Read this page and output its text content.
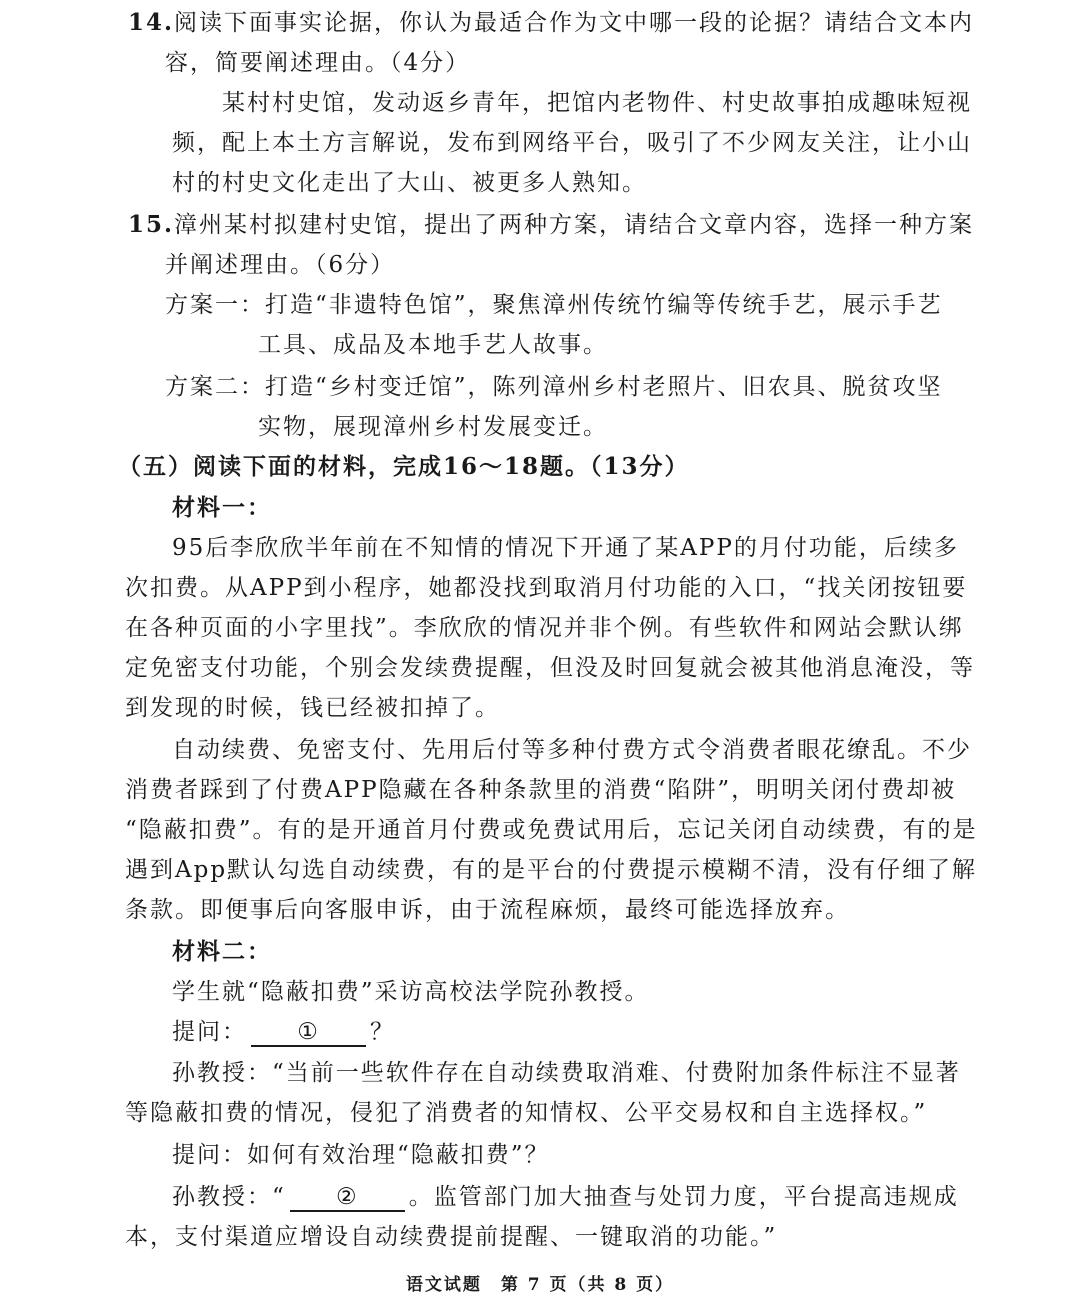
14.阅读下面事实论据，你认为最适合作为文中哪一段的论据？请结合文本内
容，简要阐述理由。（4分）
某村村史馆，发动返乡青年，把馆内老物件、村史故事拍成趣味短视
频，配上本土方言解说，发布到网络平台，吸引了不少网友关注，让小山
村的村史文化走出了大山、被更多人熟知。
15.漳州某村拟建村史馆，提出了两种方案，请结合文章内容，选择一种方案
并阐述理由。（6分）
方案一：打造“非遗特色馆”，聚焦漳州传统竹编等传统手艺，展示手艺
工具、成品及本地手艺人故事。
方案二：打造“乡村变迁馆”，陈列漳州乡村老照片、旧农具、脱贫攻坚
实物，展现漳州乡村发展变迁。
（五）阅读下面的材料，完成16～18题。（13分）
材料一：
95后李欣欣半年前在不知情的情况下开通了某APP的月付功能，后续多
次扣费。从APP到小程序，她都没找到取消月付功能的入口，“找关闭按钮要
在各种页面的小字里找”。李欣欣的情况并非个例。有些软件和网站会默认绑
定免密支付功能，个别会发续费提醒，但没及时回复就会被其他消息淹没，等
到发现的时候，钱已经被扣掉了。
自动续费、免密支付、先用后付等多种付费方式令消费者眼花缭乱。不少
消费者踩到了付费APP隐藏在各种条款里的消费“陷阱”，明明关闭付费却被
“隐蔽扣费”。有的是开通首月付费或免费试用后，忘记关闭自动续费，有的是
遇到App默认勾选自动续费，有的是平台的付费提示模糊不清，没有仔细了解
条款。即便事后向客服申诉，由于流程麻烦，最终可能选择放弃。
材料二：
学生就“隐蔽扣费”采访高校法学院孙教授。
提问： ① ？
孙教授：“当前一些软件存在自动续费取消难、付费附加条件标注不显著
等隐蔽扣费的情况，侵犯了消费者的知情权、公平交易权和自主选择权。”
提问：如何有效治理“隐蔽扣费”？
孙教授：“ ② 。监管部门加大抽查与处罚力度，平台提高违规成
本，支付渠道应增设自动续费提前提醒、一键取消的功能。”
语文试题　第 7 页（共 8 页）
